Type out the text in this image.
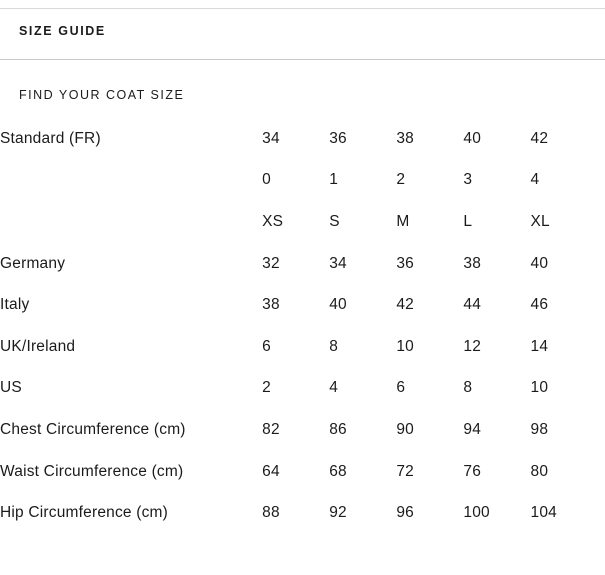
SIZE GUIDE
FIND YOUR COAT SIZE
Standard (FR)	34	36	38	40	42	
	0	1	2	3	4	
	XS	S	M	L	XL	
Germany	32	34	36	38	40	
Italy	38	40	42	44	46	
UK/Ireland	6	8	10	12	14	
US	2	4	6	8	10	
Chest Circumference (cm)	82	86	90	94	98	
Waist Circumference (cm)	64	68	72	76	80	
Hip Circumference (cm)	88	92	96	100	104	
